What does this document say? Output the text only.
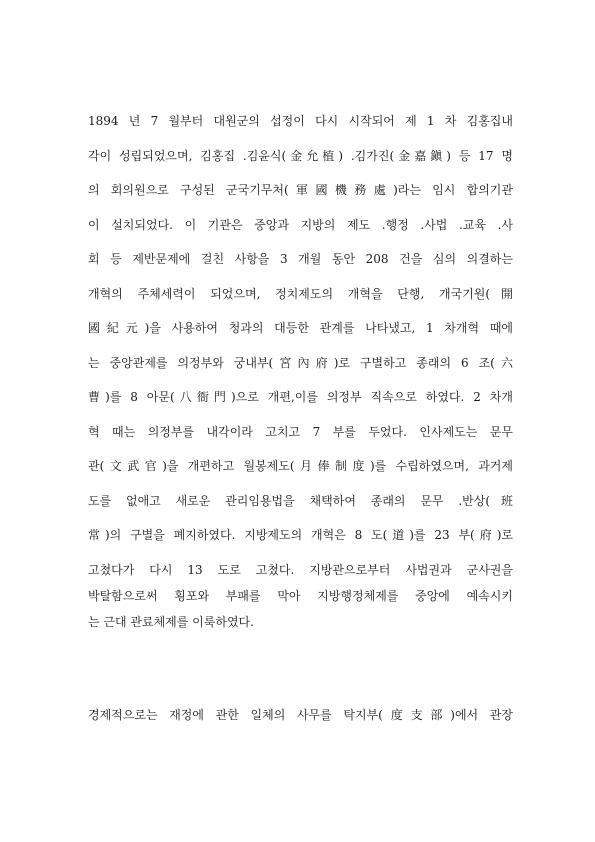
1894 년 7 월부터 대원군의 섭정이 다시 시작되어 제 1 차 김홍집내
각이 성립되었으며, 김홍집 .김윤식(金允植) .김가진(金嘉鎭) 등 17 명
의 회의원으로 구성된 군국기무처(軍國機務處)라는 임시 합의기관
이 설치되었다. 이 기관은 중앙과 지방의 제도 .행정 .사법 .교육 .사
회 등 제반문제에 걸친 사항을 3 개월 동안 208 건을 심의 의결하는
개혁의 주체세력이 되었으며, 정치제도의 개혁을 단행, 개국기원(開
國紀元)을 사용하여 청과의 대등한 관계를 나타냈고, 1 차개혁 때에
는 중앙관제를 의정부와 궁내부(宮內府)로 구별하고 종래의 6 조(六
曹)를 8 아문(八衙門)으로 개편,이를 의정부 직속으로 하였다. 2 차개
혁 때는 의정부를 내각이라 고치고 7 부를 두었다. 인사제도는 문무
관(文武官)을 개편하고 월봉제도(月俸制度)를 수립하였으며, 과거제
도를 없애고 새로운 관리임용법을 채택하여 종래의 문무 .반상(班
常)의 구별을 폐지하였다. 지방제도의 개혁은 8 도(道)를 23 부(府)로
고쳤다가 다시 13 도로 고쳤다. 지방관으로부터 사법권과 군사권을
박탈함으로써 횡포와 부패를 막아 지방행정체제를 중앙에 예속시키
는 근대 관료체제를 이룩하였다.
경제적으로는 재정에 관한 일체의 사무를 탁지부(度支部)에서 관장
